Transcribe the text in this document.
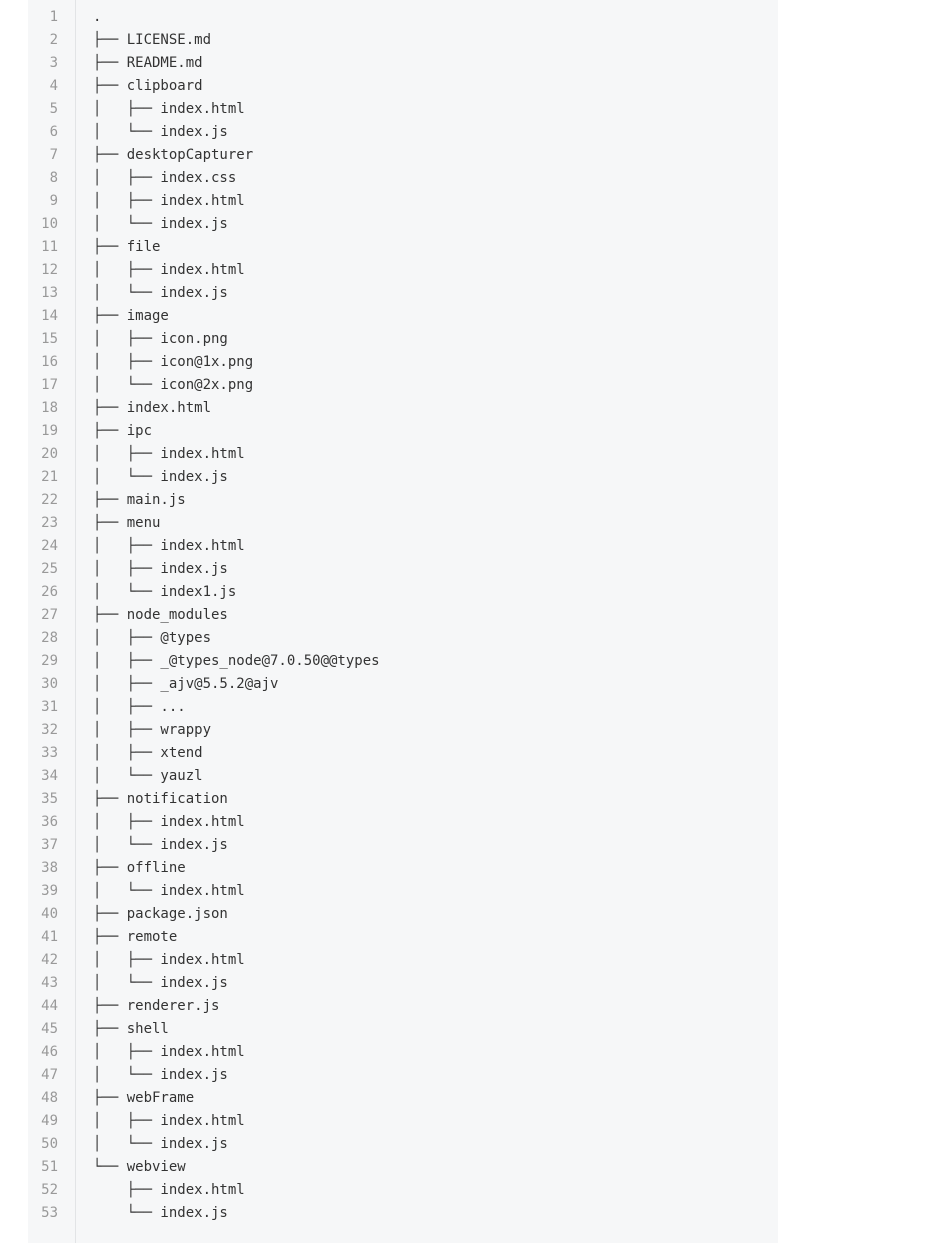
1	.
2	├── LICENSE.md
3	├── README.md
4	├── clipboard
5	│   ├── index.html
6	│   └── index.js
7	├── desktopCapturer
8	│   ├── index.css
9	│   ├── index.html
10	│   └── index.js
11	├── file
12	│   ├── index.html
13	│   └── index.js
14	├── image
15	│   ├── icon.png
16	│   ├── icon@1x.png
17	│   └── icon@2x.png
18	├── index.html
19	├── ipc
20	│   ├── index.html
21	│   └── index.js
22	├── main.js
23	├── menu
24	│   ├── index.html
25	│   ├── index.js
26	│   └── index1.js
27	├── node_modules
28	│   ├── @types
29	│   ├── _@types_node@7.0.50@@types
30	│   ├── _ajv@5.5.2@ajv
31	│   ├── ...
32	│   ├── wrappy
33	│   ├── xtend
34	│   └── yauzl
35	├── notification
36	│   ├── index.html
37	│   └── index.js
38	├── offline
39	│   └── index.html
40	├── package.json
41	├── remote
42	│   ├── index.html
43	│   └── index.js
44	├── renderer.js
45	├── shell
46	│   ├── index.html
47	│   └── index.js
48	├── webFrame
49	│   ├── index.html
50	│   └── index.js
51	└── webview
52	├── index.html
53	└── index.js
